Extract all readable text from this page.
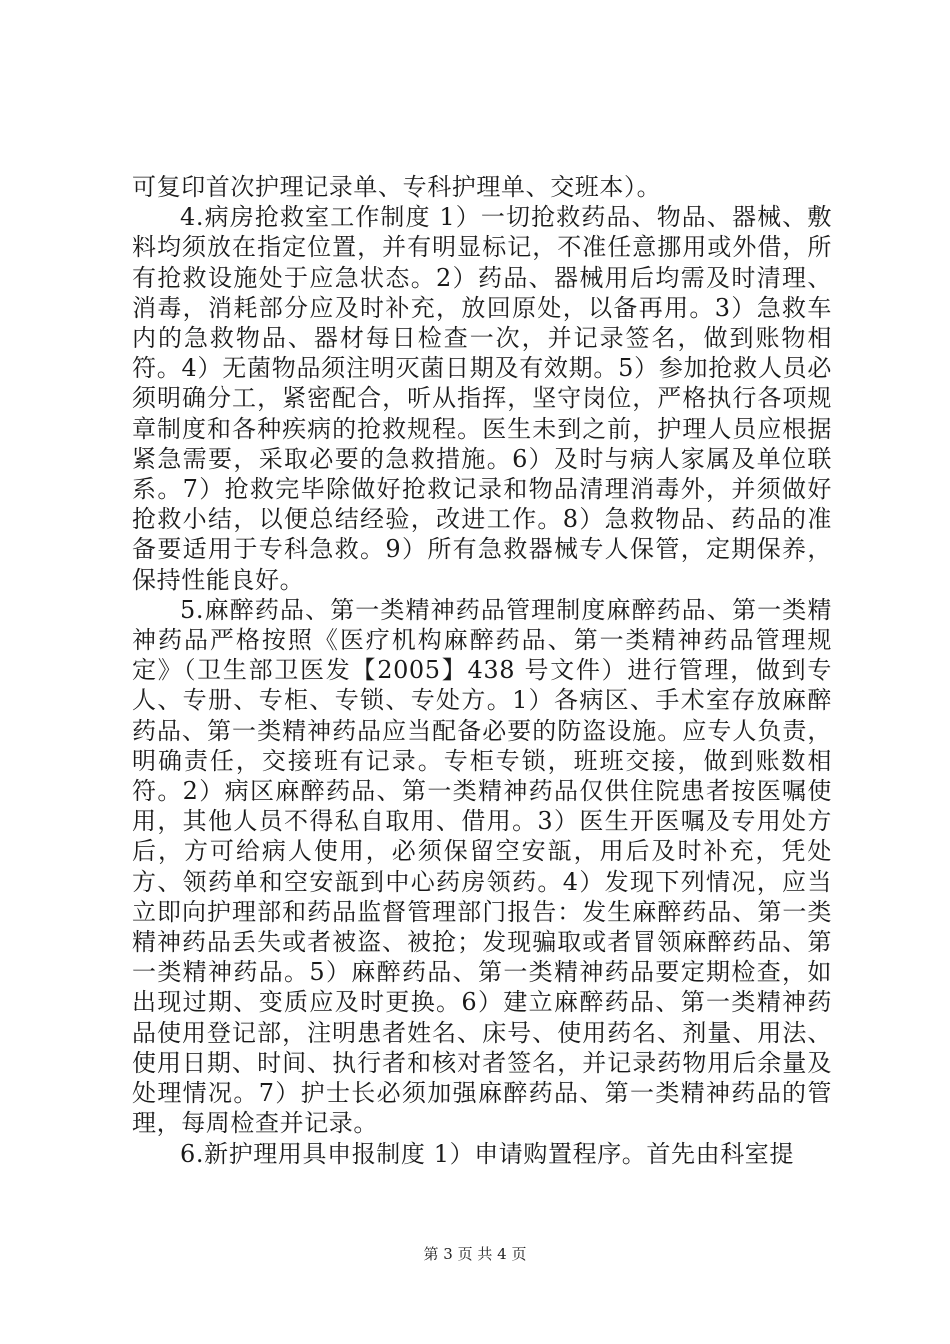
可复印首次护理记录单、专科护理单、交班本）。

4.病房抢救室工作制度 1）一切抢救药品、物品、器械、敷料均须放在指定位置，并有明显标记，不准任意挪用或外借，所有抢救设施处于应急状态。2）药品、器械用后均需及时清理、消毒，消耗部分应及时补充，放回原处，以备再用。3）急救车内的急救物品、器材每日检查一次，并记录签名，做到账物相符。4）无菌物品须注明灭菌日期及有效期。5）参加抢救人员必须明确分工，紧密配合，听从指挥，坚守岗位，严格执行各项规章制度和各种疾病的抢救规程。医生未到之前，护理人员应根据紧急需要，采取必要的急救措施。6）及时与病人家属及单位联系。7）抢救完毕除做好抢救记录和物品清理消毒外，并须做好抢救小结，以便总结经验，改进工作。8）急救物品、药品的准备要适用于专科急救。9）所有急救器械专人保管，定期保养，保持性能良好。

5.麻醉药品、第一类精神药品管理制度麻醉药品、第一类精神药品严格按照《医疗机构麻醉药品、第一类精神药品管理规定》（卫生部卫医发【2005】438 号文件）进行管理，做到专人、专册、专柜、专锁、专处方。1）各病区、手术室存放麻醉药品、第一类精神药品应当配备必要的防盗设施。应专人负责，明确责任，交接班有记录。专柜专锁，班班交接，做到账数相符。2）病区麻醉药品、第一类精神药品仅供住院患者按医嘱使用，其他人员不得私自取用、借用。3）医生开医嘱及专用处方后，方可给病人使用，必须保留空安瓿，用后及时补充，凭处方、领药单和空安瓿到中心药房领药。4）发现下列情况，应当立即向护理部和药品监督管理部门报告：发生麻醉药品、第一类精神药品丢失或者被盗、被抢；发现骗取或者冒领麻醉药品、第一类精神药品。5）麻醉药品、第一类精神药品要定期检查，如出现过期、变质应及时更换。6）建立麻醉药品、第一类精神药品使用登记部，注明患者姓名、床号、使用药名、剂量、用法、使用日期、时间、执行者和核对者签名，并记录药物用后余量及处理情况。7）护士长必须加强麻醉药品、第一类精神药品的管理，每周检查并记录。

6.新护理用具申报制度 1）申请购置程序。首先由科室提

第 3 页 共 4 页
